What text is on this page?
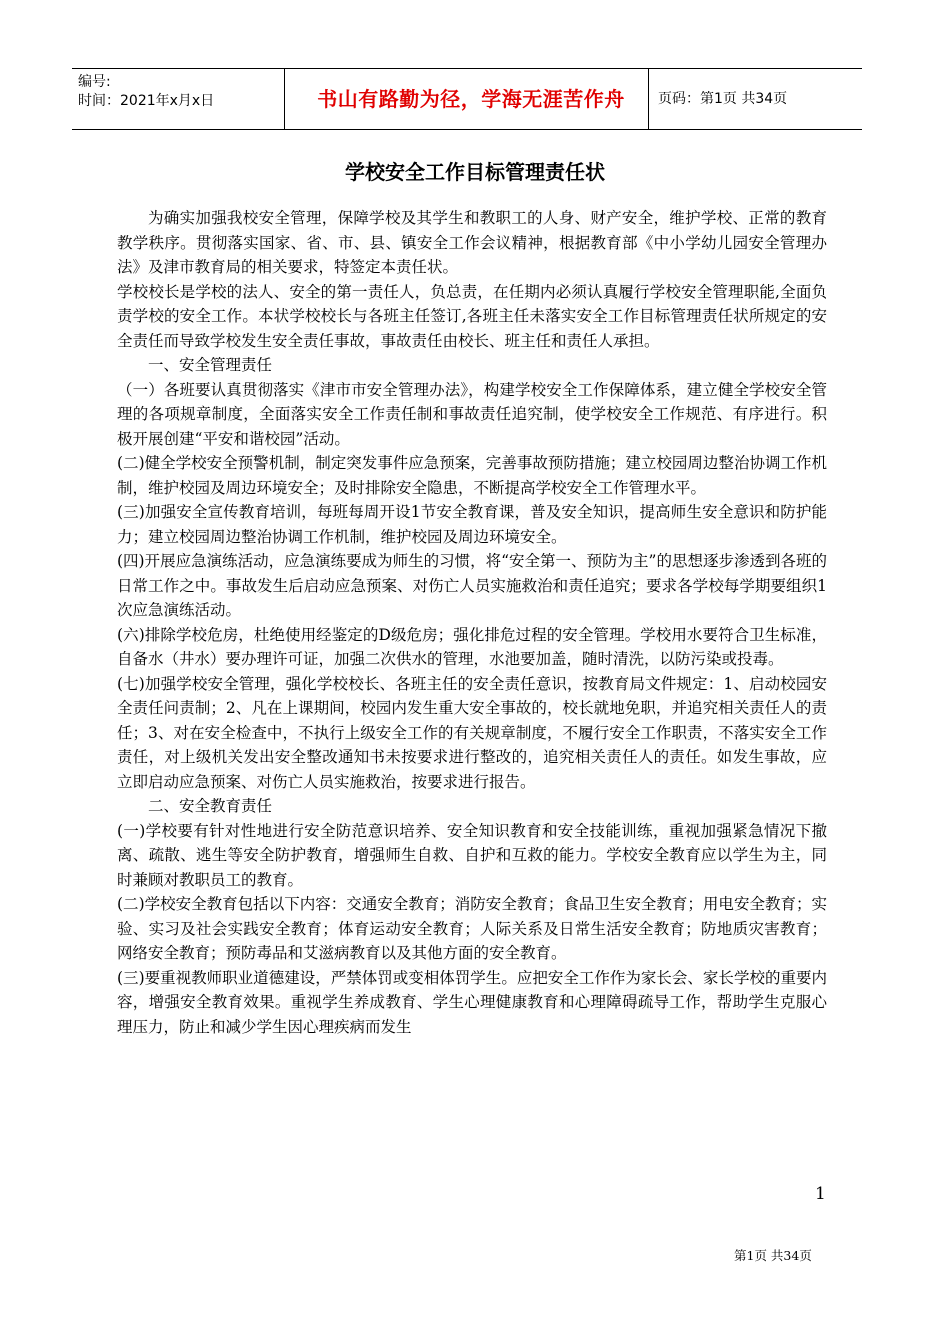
编号:
时间：2021年x月x日	书山有路勤为径，学海无涯苦作舟	页码：第1页 共34页
学校安全工作目标管理责任状

为确实加强我校安全管理，保障学校及其学生和教职工的人身、财产安全，维护学校、正常的教育教学秩序。贯彻落实国家、省、市、县、镇安全工作会议精神，根据教育部《中小学幼儿园安全管理办法》及津市教育局的相关要求，特签定本责任状。

学校校长是学校的法人、安全的第一责任人，负总责，在任期内必须认真履行学校安全管理职能,全面负责学校的安全工作。本状学校校长与各班主任签订,各班主任未落实安全工作目标管理责任状所规定的安全责任而导致学校发生安全责任事故，事故责任由校长、班主任和责任人承担。

一、安全管理责任

（一）各班要认真贯彻落实《津市市安全管理办法》，构建学校安全工作保障体系，建立健全学校安全管理的各项规章制度，全面落实安全工作责任制和事故责任追究制，使学校安全工作规范、有序进行。积极开展创建“平安和谐校园”活动。

(二)健全学校安全预警机制，制定突发事件应急预案，完善事故预防措施；建立校园周边整治协调工作机制，维护校园及周边环境安全；及时排除安全隐患，不断提高学校安全工作管理水平。

(三)加强安全宣传教育培训，每班每周开设1节安全教育课，普及安全知识，提高师生安全意识和防护能力；建立校园周边整治协调工作机制，维护校园及周边环境安全。

(四)开展应急演练活动，应急演练要成为师生的习惯，将“安全第一、预防为主”的思想逐步渗透到各班的日常工作之中。事故发生后启动应急预案、对伤亡人员实施救治和责任追究；要求各学校每学期要组织1次应急演练活动。

(六)排除学校危房，杜绝使用经鉴定的D级危房；强化排危过程的安全管理。学校用水要符合卫生标准，自备水（井水）要办理许可证，加强二次供水的管理，水池要加盖，随时清洗，以防污染或投毒。

(七)加强学校安全管理，强化学校校长、各班主任的安全责任意识，按教育局文件规定：1、启动校园安全责任问责制；2、凡在上课期间，校园内发生重大安全事故的，校长就地免职，并追究相关责任人的责任；3、对在安全检查中，不执行上级安全工作的有关规章制度，不履行安全工作职责，不落实安全工作责任，对上级机关发出安全整改通知书未按要求进行整改的，追究相关责任人的责任。如发生事故，应立即启动应急预案、对伤亡人员实施救治，按要求进行报告。

二、安全教育责任

(一)学校要有针对性地进行安全防范意识培养、安全知识教育和安全技能训练，重视加强紧急情况下撤离、疏散、逃生等安全防护教育，增强师生自救、自护和互救的能力。学校安全教育应以学生为主，同时兼顾对教职员工的教育。

(二)学校安全教育包括以下内容：交通安全教育；消防安全教育；食品卫生安全教育；用电安全教育；实验、实习及社会实践安全教育；体育运动安全教育；人际关系及日常生活安全教育；防地质灾害教育；网络安全教育；预防毒品和艾滋病教育以及其他方面的安全教育。

(三)要重视教师职业道德建设，严禁体罚或变相体罚学生。应把安全工作作为家长会、家长学校的重要内容，增强安全教育效果。重视学生养成教育、学生心理健康教育和心理障碍疏导工作，帮助学生克服心理压力，防止和减少学生因心理疾病而发生

1
第1页 共34页
